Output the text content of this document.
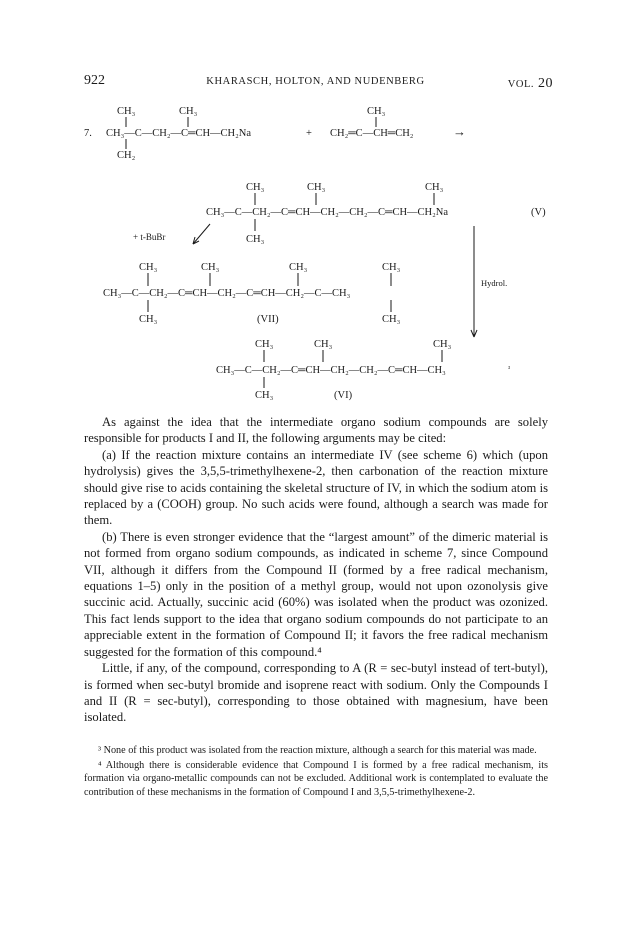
922	KHARASCH, HOLTON, AND NUDENBERG	VOL. 20
7.
CH₃	CH₃
CH₃—C—CH₂—C═CH—CH₂Na
CH₂
+
CH₃
CH₂═C—CH═CH₂	→
CH₃	CH₃	CH₃
CH₃—C—CH₂—C═CH—CH₂—CH₂—C═CH—CH₂Na	(V)
CH₃
+ t-BuBr
CH₃	CH₃	CH₃	CH₃
CH₃—C—CH₂—C═CH—CH₂—C═CH—CH₂—C—CH₃
CH₃	(VII)	CH₃
Hydrol.
CH₃	CH₃	CH₃
CH₃—C—CH₂—C═CH—CH₂—CH₂—C═CH—CH₃	³
CH₃	(VI)

As against the idea that the intermediate organo sodium compounds are solely responsible for products I and II, the following arguments may be cited:

(a) If the reaction mixture contains an intermediate IV (see scheme 6) which (upon hydrolysis) gives the 3,5,5-trimethylhexene-2, then carbonation of the reaction mixture should give rise to acids containing the skeletal structure of IV, in which the sodium atom is replaced by a (COOH) group. No such acids were found, although a search was made for them.

(b) There is even stronger evidence that the “largest amount” of the dimeric material is not formed from organo sodium compounds, as indicated in scheme 7, since Compound VII, although it differs from the Compound II (formed by a free radical mechanism, equations 1–5) only in the position of a methyl group, would not upon ozonolysis give succinic acid. Actually, succinic acid (60%) was isolated when the product was ozonized. This fact lends support to the idea that organo sodium compounds do not participate to an appreciable extent in the formation of Compound II; it favors the free radical mechanism suggested for the formation of this compound.⁴

Little, if any, of the compound, corresponding to A (R = sec-butyl instead of tert-butyl), is formed when sec-butyl bromide and isoprene react with sodium. Only the Compounds I and II (R = sec-butyl), corresponding to those obtained with magnesium, have been isolated.

³ None of this product was isolated from the reaction mixture, although a search for this material was made.

⁴ Although there is considerable evidence that Compound I is formed by a free radical mechanism, its formation via organo-metallic compounds can not be excluded. Additional work is contemplated to evaluate the contribution of these mechanisms in the formation of Compound I and 3,5,5-trimethylhexene-2.
